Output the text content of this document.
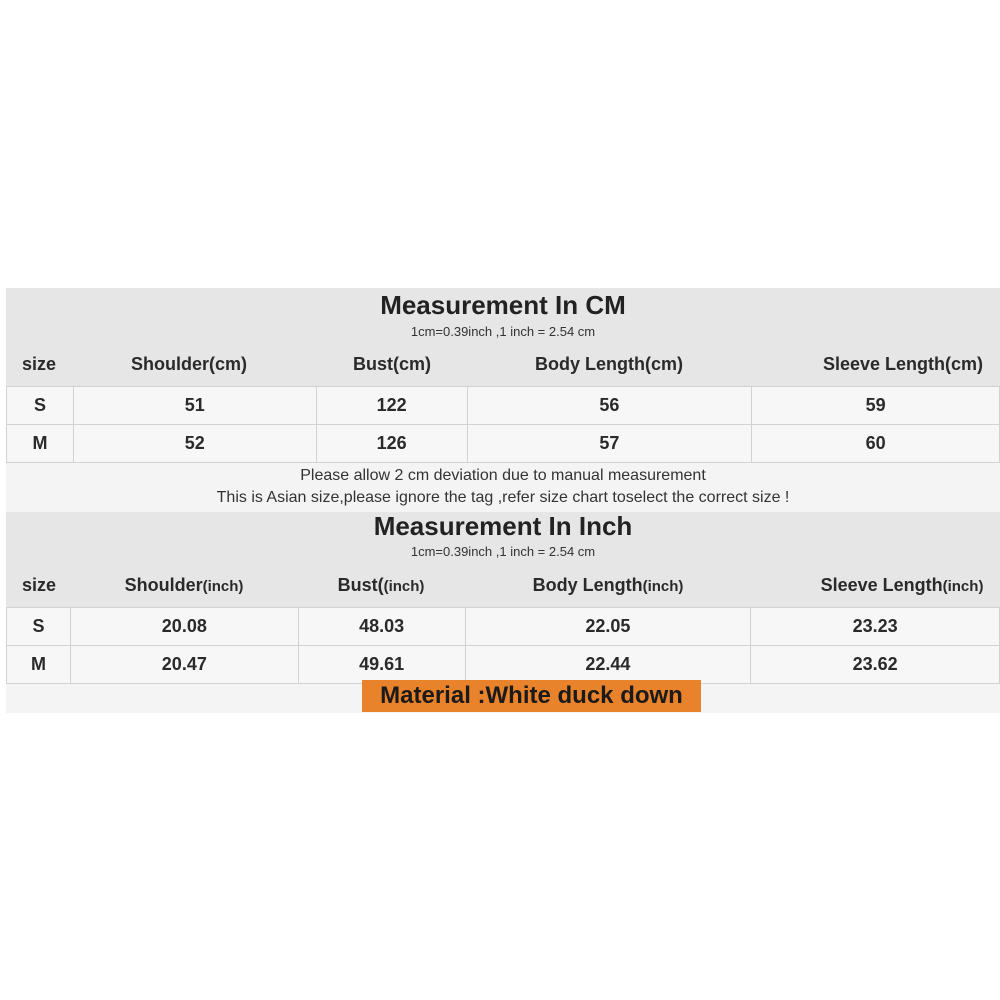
Measurement In CM
1cm=0.39inch ,1 inch = 2.54 cm
size	Shoulder(cm)	Bust(cm)	Body Length(cm)	Sleeve Length(cm)
S	51	122	56	59
M	52	126	57	60
Please allow 2 cm deviation due to manual measurement
This is Asian size,please ignore the tag ,refer size chart toselect the correct size !
Measurement In Inch
1cm=0.39inch ,1 inch = 2.54 cm
size	Shoulder(inch)	Bust((inch)	Body Length(inch)	Sleeve Length(inch)
S	20.08	48.03	22.05	23.23
M	20.47	49.61	22.44	23.62
Material :White duck down
